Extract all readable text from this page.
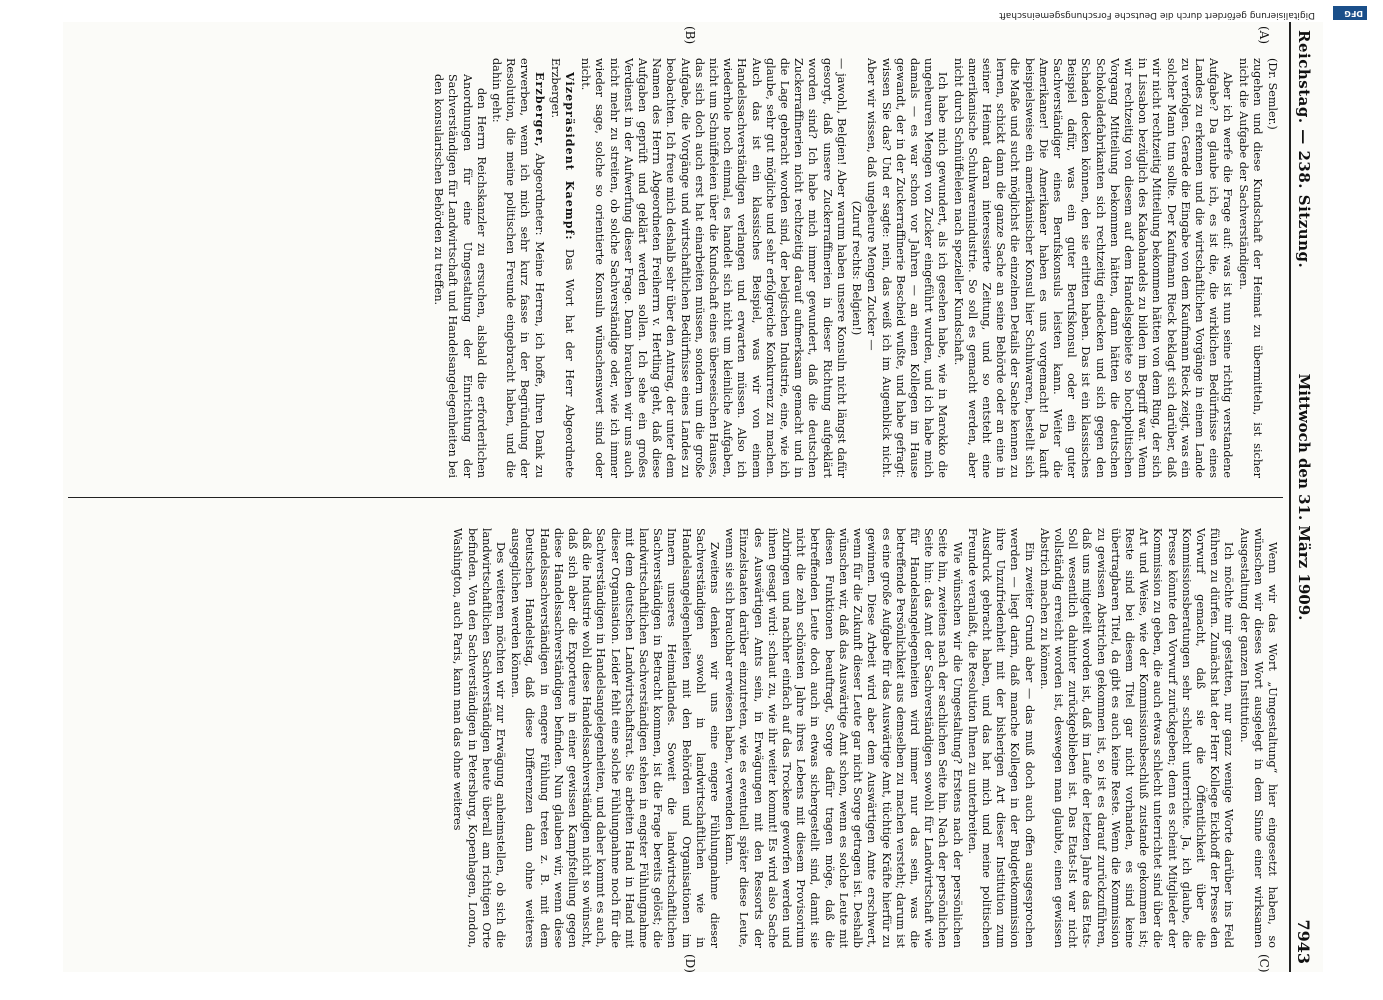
DFG
Digitalisierung gefördert durch die Deutsche Forschungsgemeinschaft
Reichstag. — 238. Sitzung.
Mittwoch den 31. März 1909.
7943
(A)
(B)
(C)
(D)

(Dr. Semler.)

zugehen und diese Kundschaft der Heimat zu übermitteln, ist sicher nicht die Aufgabe der Sachverständigen.

Aber ich werfe die Frage auf: was ist nun seine richtig verstandene Aufgabe? Da glaube ich, es ist die, die wirklichen Bedürfnisse eines Landes zu erkennen und die wirtschaftlichen Vorgänge in einem Lande zu verfolgen. Gerade die Eingabe von dem Kaufmann Rieck zeigt, was ein solcher Mann tun sollte. Der Kaufmann Rieck beklagt sich darüber, daß wir nicht rechtzeitig Mitteilung bekommen hätten von dem Ring, der sich in Lissabon bezüglich des Kakaohandels zu bilden im Begriff war. Wenn wir rechtzeitig von diesem auf dem Handelsgebiete so hochpolitischen Vorgang Mitteilung bekommen hätten, dann hätten die deutschen Schokoladefabrikanten sich rechtzeitig eindecken und sich gegen den Schaden decken können, den sie erlitten haben. Das ist ein klassisches Beispiel dafür, was ein guter Berufskonsul oder ein guter Sachverständiger eines Berufskonsuls leisten kann. Weiter die Amerikaner! Die Amerikaner haben es uns vorgemacht! Da kauft beispielsweise ein amerikanischer Konsul hier Schuhwaren, bestellt sich die Maße und sucht möglichst die einzelnen Details der Sache kennen zu lernen, schickt dann die ganze Sache an seine Behörde oder an eine in seiner Heimat daran interessierte Zeitung, und so entsteht eine amerikanische Schuhwarenindustrie. So soll es gemacht werden, aber nicht durch Schnüffeleien nach spezieller Kundschaft.

Ich habe mich gewundert, als ich gesehen habe, wie in Marokko die ungeheuren Mengen von Zucker eingeführt wurden, und ich habe mich damals — es war schon vor Jahren — an einen Kollegen im Hause gewandt, der in der Zuckerraffinerie Bescheid wußte, und habe gefragt: wissen Sie das? Und er sagte: nein, das weiß ich im Augenblick nicht. Aber wir wissen, daß ungeheure Mengen Zucker —

(Zuruf rechts: Belgien!)

— jawohl, Belgien! Aber warum haben unsere Konsuln nicht längst dafür gesorgt, daß unsere Zuckerraffinerien in dieser Richtung aufgeklärt worden sind? Ich habe mich immer gewundert, daß die deutschen Zuckerraffinerien nicht rechtzeitig darauf aufmerksam gemacht und in die Lage gebracht worden sind, der belgischen Industrie, eine, wie ich glaube, sehr gut mögliche und sehr erfolgreiche Konkurrenz zu machen. Auch das ist ein klassisches Beispiel, was wir von einem Handelssachverständigen verlangen und erwarten müssen. Also ich wiederhole noch einmal, es handelt sich nicht um kleinliche Aufgaben, nicht um Schnüffeleien über die Kundschaft eines überseeischen Hauses, das sich doch auch erst hat einarbeiten müssen, sondern um die große Aufgabe, die Vorgänge und wirtschaftlichen Bedürfnisse eines Landes zu beobachten. Ich freue mich deshalb sehr über den Antrag, der unter dem Namen des Herrn Abgeordneten Freiherrn v. Hertling geht, daß diese Aufgaben geprüft und geklärt werden sollen. Ich sehe ein großes Verdienst in der Aufwerfung dieser Frage. Dann brauchen wir uns auch nicht mehr zu streiten, ob solche Sachverständige oder, wie ich immer wieder sage, solche so orientierte Konsuln wünschenswert sind oder nicht.

Vizepräsident Kaempf: Das Wort hat der Herr Abgeordnete Erzberger.

Erzberger, Abgeordneter: Meine Herren, ich hoffe, Ihren Dank zu erwerben, wenn ich mich sehr kurz fasse in der Begründung der Resolution, die meine politischen Freunde eingebracht haben, und die dahin geht:

den Herrn Reichskanzler zu ersuchen, alsbald die erforderlichen Anordnungen für eine Umgestaltung der Einrichtung der Sachverständigen für Landwirtschaft und Handelsangelegenheiten bei den konsularischen Behörden zu treffen.

Wenn wir das Wort „Umgestaltung“ hier eingesetzt haben, so wünschen wir dieses Wort ausgelegt in dem Sinne einer wirksamen Ausgestaltung der ganzen Institution.

Ich möchte mir gestatten, nur ganz wenige Worte darüber ins Feld führen zu dürfen. Zunächst hat der Herr Kollege Eickhoff der Presse den Vorwurf gemacht, daß sie die Öffentlichkeit über die Kommissionsberatungen sehr schlecht unterrichte. Ja, ich glaube, die Presse könnte den Vorwurf zurückgeben; denn es scheint Mitglieder der Kommission zu geben, die auch etwas schlecht unterrichtet sind über die Art und Weise, wie der Kommissionsbeschluß zustande gekommen ist; Reste sind bei diesem Titel gar nicht vorhanden, es sind keine übertragbaren Titel, da gibt es auch keine Reste. Wenn die Kommission zu gewissen Abstrichen gekommen ist, so ist es darauf zurückzuführen, daß uns mitgeteilt worden ist, daß im Laufe der letzten Jahre das Etats-Soll wesentlich dahinter zurückgeblieben ist. Das Etats-Ist war nicht vollständig erreicht worden ist, deswegen man glaubte, einen gewissen Abstrich machen zu können.

Ein zweiter Grund aber — das muß doch auch offen ausgesprochen werden — liegt darin, daß manche Kollegen in der Budgetkommission ihre Unzufriedenheit mit der bisherigen Art dieser Institution zum Ausdruck gebracht haben, und das hat mich und meine politischen Freunde veranlaßt, die Resolution Ihnen zu unterbreiten.

Wie wünschen wir die Umgestaltung? Erstens nach der persönlichen Seite hin, zweitens nach der sachlichen Seite hin. Nach der persönlichen Seite hin: das Amt der Sachverständigen sowohl für Landwirtschaft wie für Handelsangelegenheiten wird immer nur das sein, was die betreffende Persönlichkeit aus demselben zu machen versteht; darum ist es eine große Aufgabe für das Auswärtige Amt, tüchtige Kräfte hierfür zu gewinnen. Diese Arbeit wird aber dem Auswärtigen Amte erschwert, wenn für die Zukunft dieser Leute gar nicht Sorge getragen ist. Deshalb wünschen wir, daß das Auswärtige Amt schon, wenn es solche Leute mit diesen Funktionen beauftragt, Sorge dafür tragen möge, daß die betreffenden Leute doch auch in etwas sichergestellt sind, damit sie nicht die zehn schönsten Jahre ihres Lebens mit diesem Provisorium zubringen und nachher einfach auf das Trockene geworfen werden und ihnen gesagt wird: schaut zu, wie ihr weiter kommt! Es wird also Sache des Auswärtigen Amts sein, in Erwägungen mit den Ressorts der Einzelstaaten darüber einzutreten, wie es eventuell später diese Leute, wenn sie sich brauchbar erwiesen haben, verwenden kann.

Zweitens denken wir uns eine engere Fühlungnahme dieser Sachverständigen sowohl in landwirtschaftlichen wie in Handelsangelegenheiten mit den Behörden und Organisationen im Innern unseres Heimatlandes. Soweit die landwirtschaftlichen Sachverständigen in Betracht kommen, ist die Frage bereits gelöst; die landwirtschaftlichen Sachverständigen stehen in engster Fühlungnahme mit dem deutschen Landwirtschaftsrat. Sie arbeiten Hand in Hand mit dieser Organisation. Leider fehlt eine solche Fühlungnahme noch für die Sachverständigen in Handelsangelegenheiten, und daher kommt es auch, daß die Industrie wohl diese Handelssachverständigen nicht so wünscht, daß sich aber die Exporteure in einer gewissen Kampfstellung gegen diese Handelssachverständigen befinden. Nun glauben wir, wenn diese Handelssachverständigen in engere Fühlung treten z. B. mit dem Deutschen Handelstag, daß diese Differenzen dann ohne weiteres ausgeglichen werden können.

Des weiteren möchten wir zur Erwägung anheimstellen, ob sich die landwirtschaftlichen Sachverständigen heute überall am richtigen Orte befinden. Von den Sachverständigen in Petersburg, Kopenhagen, London, Washington, auch Paris, kann man das ohne weiteres
